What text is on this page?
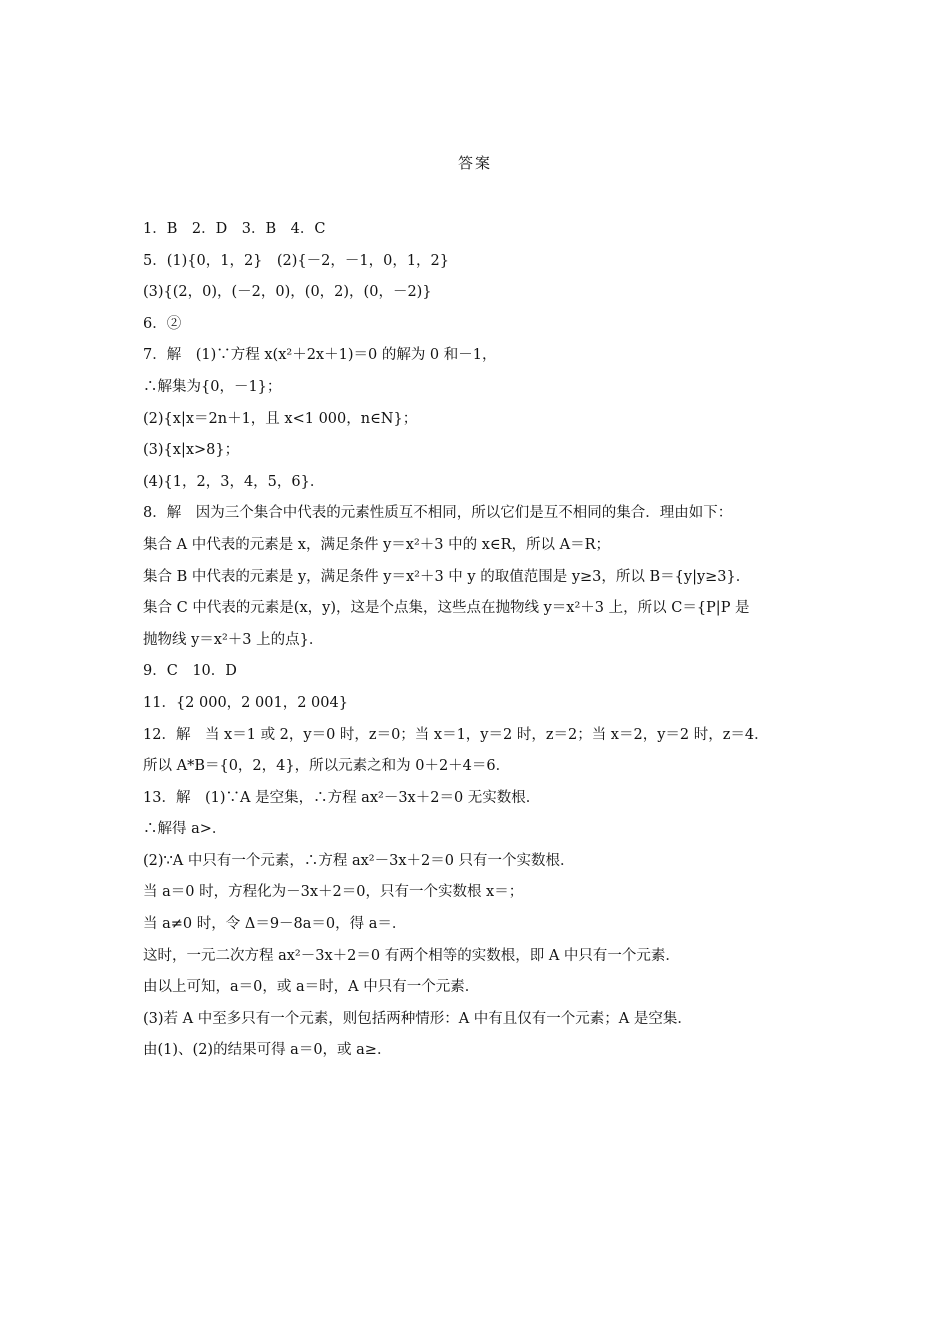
答案
1．B　2．D　3．B　4．C
5．(1){0，1，2}　(2){－2，－1，0，1，2}
(3){(2，0)，(－2，0)，(0，2)，(0，－2)}
6．②
7．解　(1)∵方程 x(x²＋2x＋1)＝0 的解为 0 和－1，
∴解集为{0，－1}；
(2){x|x＝2n＋1，且 x<1 000，n∈N}；
(3){x|x>8}；
(4){1，2，3，4，5，6}．
8．解　因为三个集合中代表的元素性质互不相同，所以它们是互不相同的集合．理由如下：
集合 A 中代表的元素是 x，满足条件 y＝x²＋3 中的 x∈R，所以 A＝R；
集合 B 中代表的元素是 y，满足条件 y＝x²＋3 中 y 的取值范围是 y≥3，所以 B＝{y|y≥3}．
集合 C 中代表的元素是(x，y)，这是个点集，这些点在抛物线 y＝x²＋3 上，所以 C＝{P|P 是
抛物线 y＝x²＋3 上的点}．
9．C　10．D
11．{2 000，2 001，2 004}
12．解　当 x＝1 或 2，y＝0 时，z＝0；当 x＝1，y＝2 时，z＝2；当 x＝2，y＝2 时，z＝4．
所以 A*B＝{0，2，4}，所以元素之和为 0＋2＋4＝6．
13．解　(1)∵A 是空集，∴方程 ax²－3x＋2＝0 无实数根．
∴解得 a>．
(2)∵A 中只有一个元素，∴方程 ax²－3x＋2＝0 只有一个实数根．
当 a＝0 时，方程化为－3x＋2＝0，只有一个实数根 x＝；
当 a≠0 时，令 Δ＝9－8a＝0，得 a＝．
这时，一元二次方程 ax²－3x＋2＝0 有两个相等的实数根，即 A 中只有一个元素．
由以上可知，a＝0，或 a＝时，A 中只有一个元素．
(3)若 A 中至多只有一个元素，则包括两种情形：A 中有且仅有一个元素；A 是空集．
由(1)、(2)的结果可得 a＝0，或 a≥．
